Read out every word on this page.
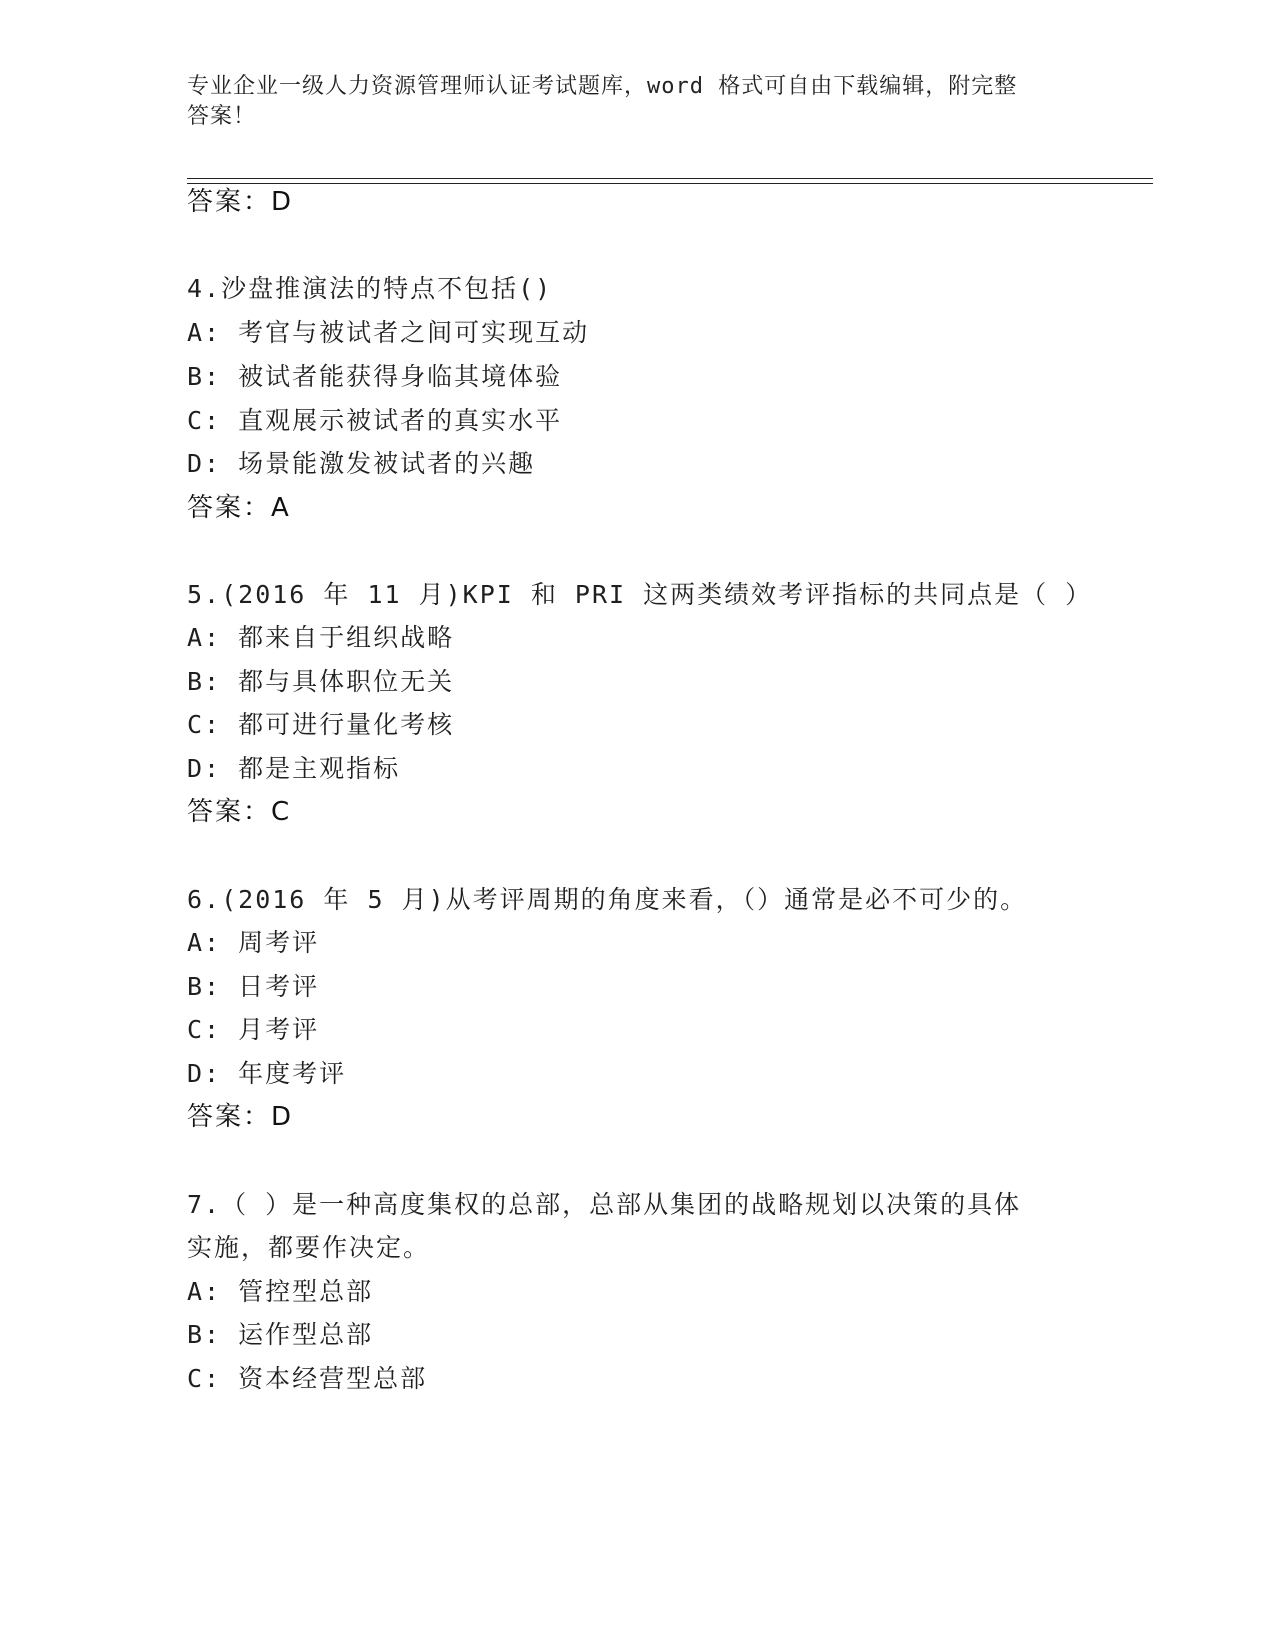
专业企业一级人力资源管理师认证考试题库，word 格式可自由下载编辑，附完整
答案！
答案：D
4.沙盘推演法的特点不包括()
A: 考官与被试者之间可实现互动
B: 被试者能获得身临其境体验
C: 直观展示被试者的真实水平
D: 场景能激发被试者的兴趣
答案：A
5.(2016 年 11 月)KPI 和 PRI 这两类绩效考评指标的共同点是（ ）
A: 都来自于组织战略
B: 都与具体职位无关
C: 都可进行量化考核
D: 都是主观指标
答案：C
6.(2016 年 5 月)从考评周期的角度来看，（）通常是必不可少的。
A: 周考评
B: 日考评
C: 月考评
D: 年度考评
答案：D
7.（ ）是一种高度集权的总部，总部从集团的战略规划以决策的具体
实施，都要作决定。
A: 管控型总部
B: 运作型总部
C: 资本经营型总部
